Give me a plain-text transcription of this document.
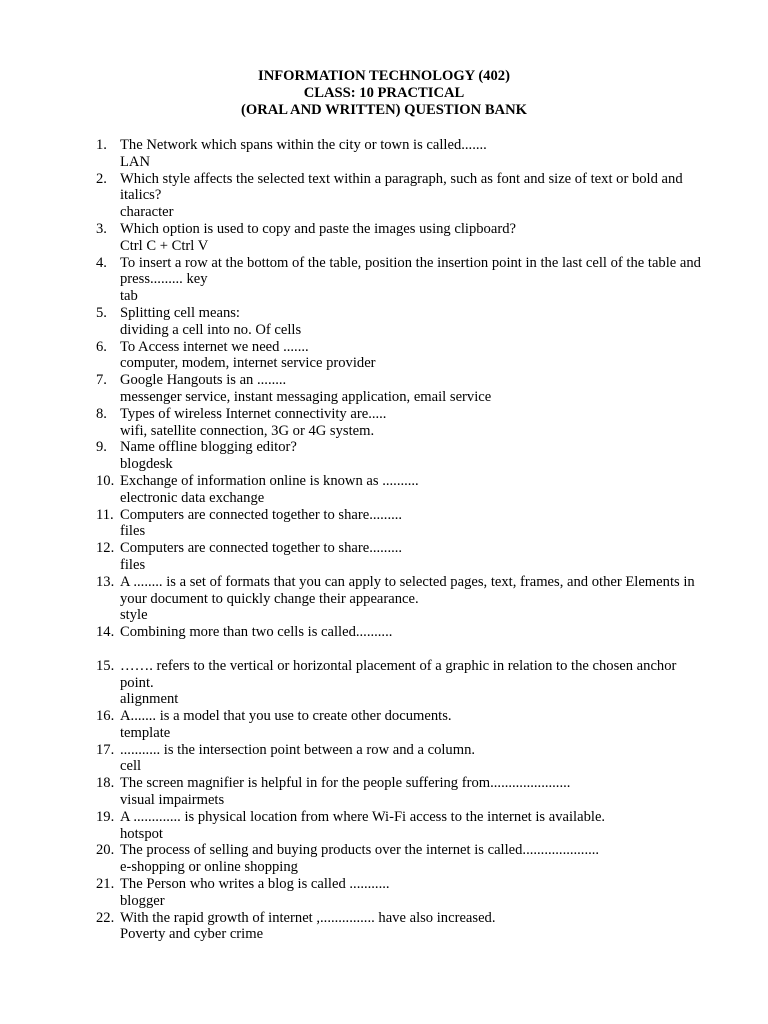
INFORMATION TECHNOLOGY (402)
CLASS: 10 PRACTICAL
(ORAL AND WRITTEN) QUESTION BANK
1. The Network which spans within the city or town is called.......
LAN
2. Which style affects the selected text within a paragraph, such as font and size of text or bold and italics?
character
3. Which option is used to copy and paste the images using clipboard?
Ctrl C + Ctrl V
4. To insert a row at the bottom of the table, position the insertion point in the last cell of the table and press......... key
tab
5. Splitting cell means:
dividing a cell into no. Of cells
6. To Access internet we need .......
computer, modem, internet service provider
7. Google Hangouts is an ........
messenger service, instant messaging application, email service
8. Types of wireless Internet connectivity are.....
wifi, satellite connection, 3G or 4G system.
9. Name offline blogging editor?
blogdesk
10. Exchange of information online is known as ..........
electronic data exchange
11. Computers are connected together to share.........
files
12. Computers are connected together to share.........
files
13. A ........ is a set of formats that you can apply to selected pages, text, frames, and other Elements in your document to quickly change their appearance.
style
14. Combining more than two cells is called..........

15. ……. refers to the vertical or horizontal placement of a graphic in relation to the chosen anchor point.
alignment
16. A....... is a model that you use to create other documents.
template
17. ........... is the intersection point between a row and a column.
cell
18. The screen magnifier is helpful in for the people suffering from......................
visual impairmets
19. A ............. is physical location from where Wi-Fi access to the internet is available.
hotspot
20. The process of selling and buying products over the internet is called.....................
e-shopping or online shopping
21. The Person who writes a blog is called ...........
blogger
22. With the rapid growth of internet ,............... have also increased.
Poverty and cyber crime
